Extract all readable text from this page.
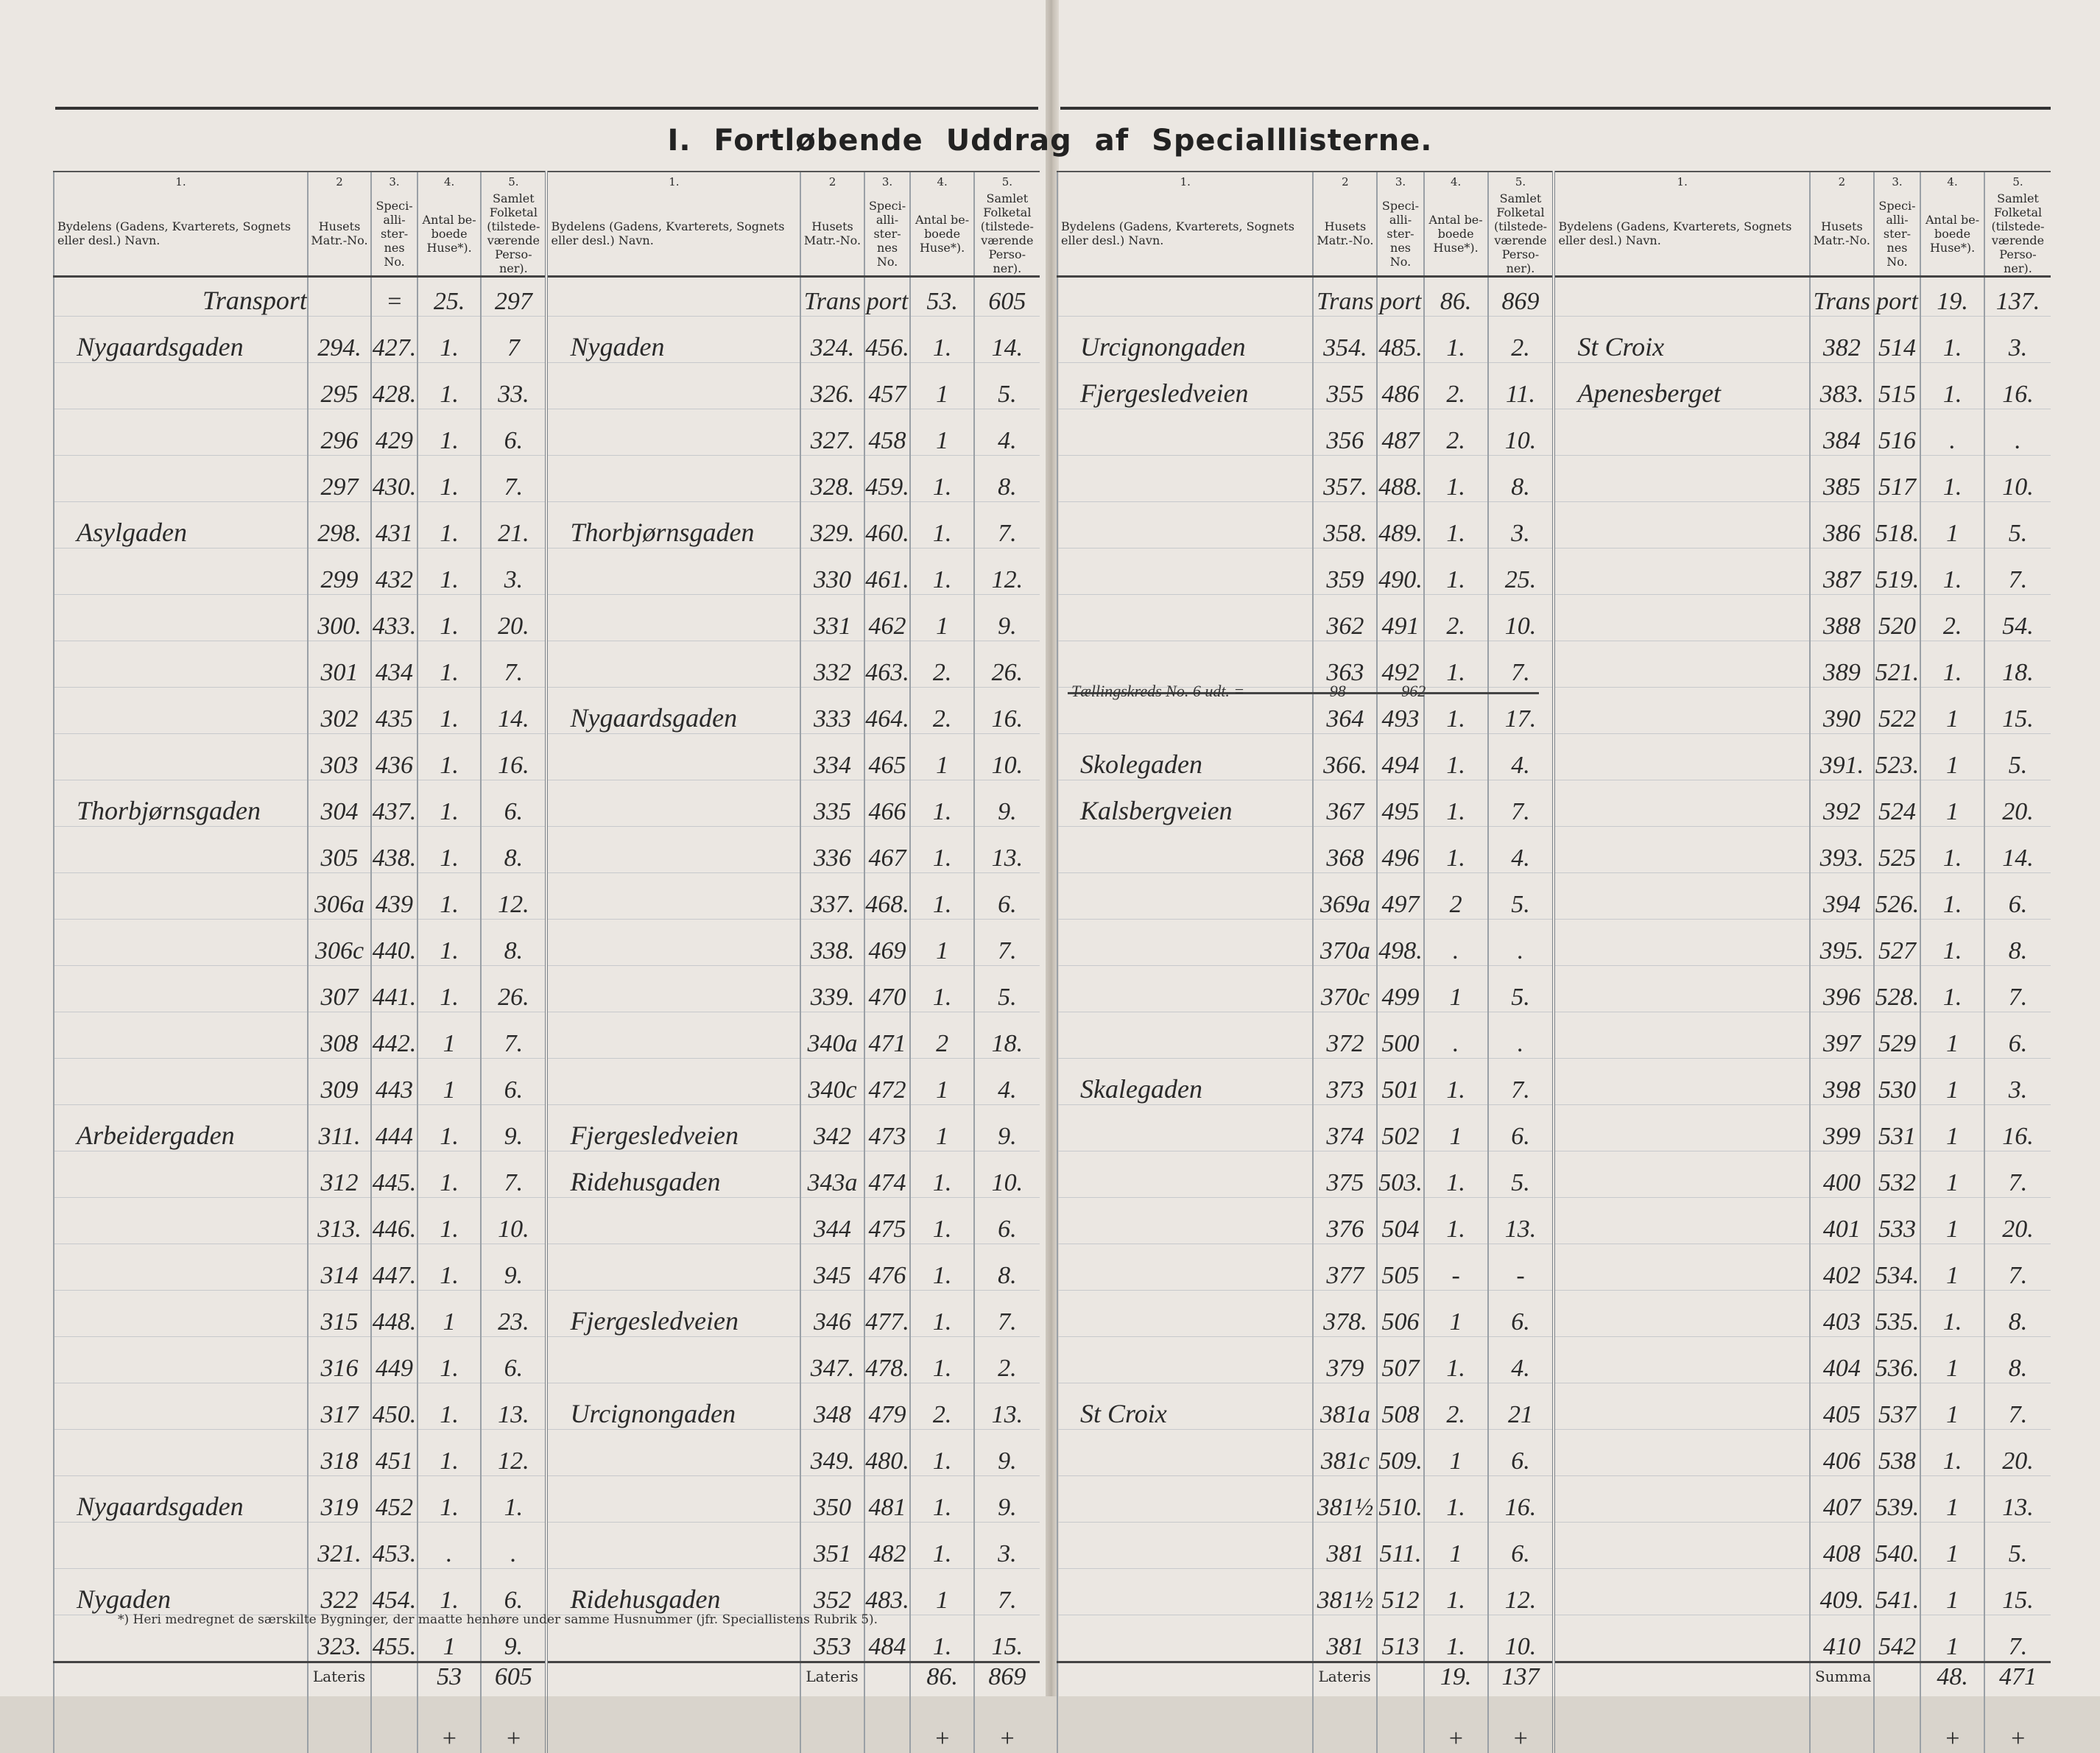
I. Fortløbende Uddrag af Specialllisterne.
1.	2	3.	4.	5.	1.	2	3.	4.	5.
Bydelens (Gadens, Kvarterets, Sognets eller desl.) Navn.	Husets Matr.-No.	Speci-alli-ster-nes No.	Antal be-boede Huse*).	Samlet Folketal (tilstede-værende Perso-ner).	Bydelens (Gadens, Kvarterets, Sognets eller desl.) Navn.	Husets Matr.-No.	Speci-alli-ster-nes No.	Antal be-boede Huse*).	Samlet Folketal (tilstede-værende Perso-ner).
Transport		=	25.	297		Trans	port	53.	605
Nygaardsgaden	294.	427.	1.	7	Nygaden	324.	456.	1.	14.
	295	428.	1.	33.		326.	457	1	5.
	296	429	1.	6.		327.	458	1	4.
	297	430.	1.	7.		328.	459.	1.	8.
Asylgaden	298.	431	1.	21.	Thorbjørnsgaden	329.	460.	1.	7.
	299	432	1.	3.		330	461.	1.	12.
	300.	433.	1.	20.		331	462	1	9.
	301	434	1.	7.		332	463.	2.	26.
	302	435	1.	14.	Nygaardsgaden	333	464.	2.	16.
	303	436	1.	16.		334	465	1	10.
Thorbjørnsgaden	304	437.	1.	6.		335	466	1.	9.
	305	438.	1.	8.		336	467	1.	13.
	306a	439	1.	12.		337.	468.	1.	6.
	306c	440.	1.	8.		338.	469	1	7.
	307	441.	1.	26.		339.	470	1.	5.
	308	442.	1	7.		340a	471	2	18.
	309	443	1	6.		340c	472	1	4.
Arbeidergaden	311.	444	1.	9.	Fjergesledveien	342	473	1	9.
	312	445.	1.	7.	Ridehusgaden	343a	474	1.	10.
	313.	446.	1.	10.		344	475	1.	6.
	314	447.	1.	9.		345	476	1.	8.
	315	448.	1	23.	Fjergesledveien	346	477.	1.	7.
	316	449	1.	6.		347.	478.	1.	2.
	317	450.	1.	13.	Urcignongaden	348	479	2.	13.
	318	451	1.	12.		349.	480.	1.	9.
Nygaardsgaden	319	452	1.	1.		350	481	1.	9.
	321.	453.	.	.		351	482	1.	3.
Nygaden	322	454.	1.	6.	Ridehusgaden	352	483.	1	7.
	323.	455.	1	9.		353	484	1.	15.
	Lateris		53	605		Lateris		86.	869
			+	+				+	+
1.	2	3.	4.	5.	1.	2	3.	4.	5.
Bydelens (Gadens, Kvarterets, Sognets eller desl.) Navn.	Husets Matr.-No.	Speci-alli-ster-nes No.	Antal be-boede Huse*).	Samlet Folketal (tilstede-værende Perso-ner).	Bydelens (Gadens, Kvarterets, Sognets eller desl.) Navn.	Husets Matr.-No.	Speci-alli-ster-nes No.	Antal be-boede Huse*).	Samlet Folketal (tilstede-værende Perso-ner).
	Trans	port	86.	869		Trans	port	19.	137.
Urcignongaden	354.	485.	1.	2.	St Croix	382	514	1.	3.
Fjergesledveien	355	486	2.	11.	Apenesberget	383.	515	1.	16.
	356	487	2.	10.		384	516	.	.
	357.	488.	1.	8.		385	517	1.	10.
	358.	489.	1.	3.		386	518.	1	5.
	359	490.	1.	25.		387	519.	1.	7.
	362	491	2.	10.		388	520	2.	54.
	363	492	1.	7.		389	521.	1.	18.
	364	493	1.	17.		390	522	1	15.
Skolegaden	366.	494	1.	4.		391.	523.	1	5.
Kalsbergveien	367	495	1.	7.		392	524	1	20.
	368	496	1.	4.		393.	525	1.	14.
	369a	497	2	5.		394	526.	1.	6.
	370a	498.	.	.		395.	527	1.	8.
	370c	499	1	5.		396	528.	1.	7.
	372	500	.	.		397	529	1	6.
Skalegaden	373	501	1.	7.		398	530	1	3.
	374	502	1	6.		399	531	1	16.
	375	503.	1.	5.		400	532	1	7.
	376	504	1.	13.		401	533	1	20.
	377	505	-	-		402	534.	1	7.
	378.	506	1	6.		403	535.	1.	8.
	379	507	1.	4.		404	536.	1	8.
St Croix	381a	508	2.	21		405	537	1	7.
	381c	509.	1	6.		406	538	1.	20.
	381½	510.	1.	16.		407	539.	1	13.
	381	511.	1	6.		408	540.	1	5.
	381½	512	1.	12.		409.	541.	1	15.
	381	513	1.	10.		410	542	1	7.
	Lateris		19.	137		Summa		48.	471
			+	+				+	+
Tællingskreds No. 6 udt. =	98	962
*) Heri medregnet de særskilte Bygninger, der maatte henhøre under samme Husnummer (jfr. Speciallistens Rubrik 5).
